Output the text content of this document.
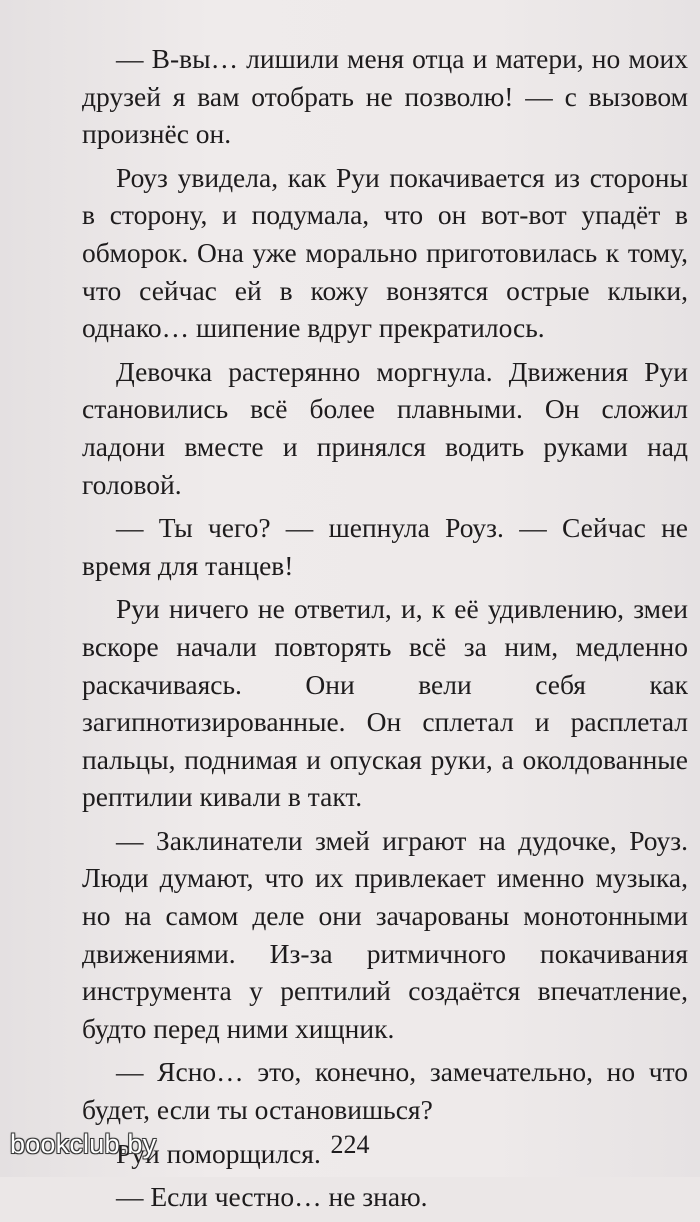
— В-вы… лишили меня отца и матери, но моих друзей я вам отобрать не позволю! — с вызовом произнёс он.

Роуз увидела, как Руи покачивается из стороны в сторону, и подумала, что он вот-вот упадёт в обморок. Она уже морально приготовилась к тому, что сейчас ей в кожу вонзятся острые клыки, однако… шипение вдруг прекратилось.

Девочка растерянно моргнула. Движения Руи становились всё более плавными. Он сложил ладони вместе и принялся водить руками над головой.

— Ты чего? — шепнула Роуз. — Сейчас не время для танцев!

Руи ничего не ответил, и, к её удивлению, змеи вскоре начали повторять всё за ним, медленно раскачиваясь. Они вели себя как загипнотизированные. Он сплетал и расплетал пальцы, поднимая и опуская руки, а околдованные рептилии кивали в такт.

— Заклинатели змей играют на дудочке, Роуз. Люди думают, что их привлекает именно музыка, но на самом деле они зачарованы монотонными движениями. Из-за ритмичного покачивания инструмента у рептилий создаётся впечатление, будто перед ними хищник.

— Ясно… это, конечно, замечательно, но что будет, если ты остановишься?

Руи поморщился.

— Если честно… не знаю.

224
bookclub.by
